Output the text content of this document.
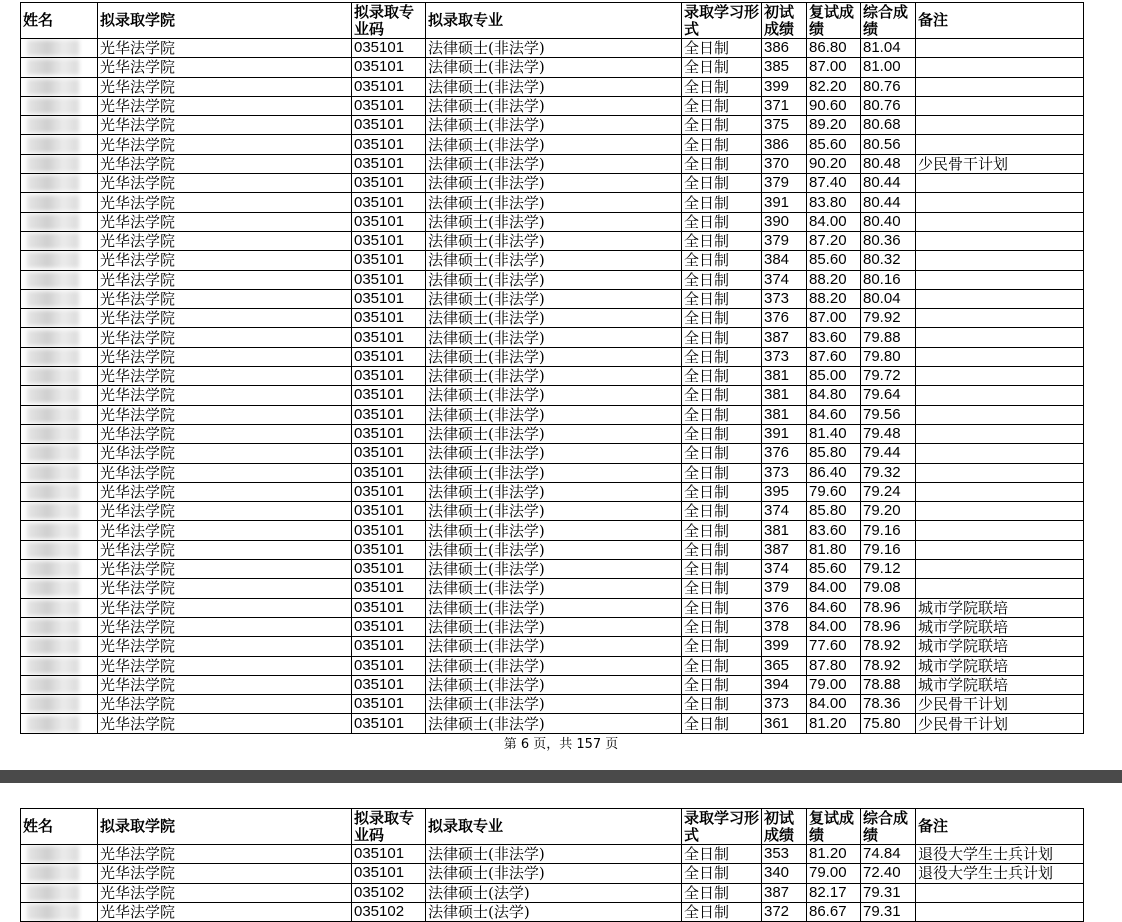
姓名	拟录取学院	拟录取专业码	拟录取专业	录取学习形式	初试成绩	复试成绩	综合成绩	备注

	光华法学院	035101	法律硕士(非法学)	全日制	386	86.80	81.04	

	光华法学院	035101	法律硕士(非法学)	全日制	385	87.00	81.00	

	光华法学院	035101	法律硕士(非法学)	全日制	399	82.20	80.76	

	光华法学院	035101	法律硕士(非法学)	全日制	371	90.60	80.76	

	光华法学院	035101	法律硕士(非法学)	全日制	375	89.20	80.68	

	光华法学院	035101	法律硕士(非法学)	全日制	386	85.60	80.56	

	光华法学院	035101	法律硕士(非法学)	全日制	370	90.20	80.48	少民骨干计划

	光华法学院	035101	法律硕士(非法学)	全日制	379	87.40	80.44	

	光华法学院	035101	法律硕士(非法学)	全日制	391	83.80	80.44	

	光华法学院	035101	法律硕士(非法学)	全日制	390	84.00	80.40	

	光华法学院	035101	法律硕士(非法学)	全日制	379	87.20	80.36	

	光华法学院	035101	法律硕士(非法学)	全日制	384	85.60	80.32	

	光华法学院	035101	法律硕士(非法学)	全日制	374	88.20	80.16	

	光华法学院	035101	法律硕士(非法学)	全日制	373	88.20	80.04	

	光华法学院	035101	法律硕士(非法学)	全日制	376	87.00	79.92	

	光华法学院	035101	法律硕士(非法学)	全日制	387	83.60	79.88	

	光华法学院	035101	法律硕士(非法学)	全日制	373	87.60	79.80	

	光华法学院	035101	法律硕士(非法学)	全日制	381	85.00	79.72	

	光华法学院	035101	法律硕士(非法学)	全日制	381	84.80	79.64	

	光华法学院	035101	法律硕士(非法学)	全日制	381	84.60	79.56	

	光华法学院	035101	法律硕士(非法学)	全日制	391	81.40	79.48	

	光华法学院	035101	法律硕士(非法学)	全日制	376	85.80	79.44	

	光华法学院	035101	法律硕士(非法学)	全日制	373	86.40	79.32	

	光华法学院	035101	法律硕士(非法学)	全日制	395	79.60	79.24	

	光华法学院	035101	法律硕士(非法学)	全日制	374	85.80	79.20	

	光华法学院	035101	法律硕士(非法学)	全日制	381	83.60	79.16	

	光华法学院	035101	法律硕士(非法学)	全日制	387	81.80	79.16	

	光华法学院	035101	法律硕士(非法学)	全日制	374	85.60	79.12	

	光华法学院	035101	法律硕士(非法学)	全日制	379	84.00	79.08	

	光华法学院	035101	法律硕士(非法学)	全日制	376	84.60	78.96	城市学院联培

	光华法学院	035101	法律硕士(非法学)	全日制	378	84.00	78.96	城市学院联培

	光华法学院	035101	法律硕士(非法学)	全日制	399	77.60	78.92	城市学院联培

	光华法学院	035101	法律硕士(非法学)	全日制	365	87.80	78.92	城市学院联培

	光华法学院	035101	法律硕士(非法学)	全日制	394	79.00	78.88	城市学院联培

	光华法学院	035101	法律硕士(非法学)	全日制	373	84.00	78.36	少民骨干计划

	光华法学院	035101	法律硕士(非法学)	全日制	361	81.20	75.80	少民骨干计划
第 6 页，共 157 页
姓名	拟录取学院	拟录取专业码	拟录取专业	录取学习形式	初试成绩	复试成绩	综合成绩	备注

	光华法学院	035101	法律硕士(非法学)	全日制	353	81.20	74.84	退役大学生士兵计划

	光华法学院	035101	法律硕士(非法学)	全日制	340	79.00	72.40	退役大学生士兵计划

	光华法学院	035102	法律硕士(法学)	全日制	387	82.17	79.31	

	光华法学院	035102	法律硕士(法学)	全日制	372	86.67	79.31	
